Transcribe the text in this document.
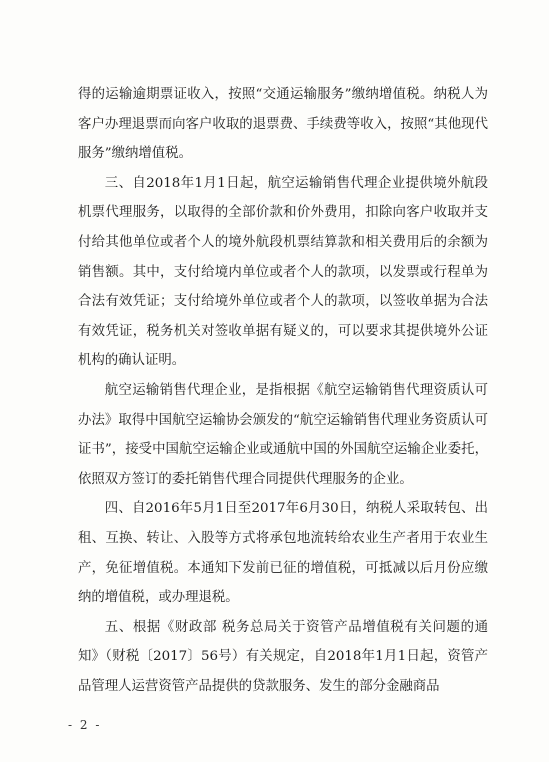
得的运输逾期票证收入，按照“交通运输服务”缴纳增值税。纳税人为客户办理退票而向客户收取的退票费、手续费等收入，按照“其他现代服务”缴纳增值税。

三、自2018年1月1日起，航空运输销售代理企业提供境外航段机票代理服务，以取得的全部价款和价外费用，扣除向客户收取并支付给其他单位或者个人的境外航段机票结算款和相关费用后的余额为销售额。其中，支付给境内单位或者个人的款项，以发票或行程单为合法有效凭证；支付给境外单位或者个人的款项，以签收单据为合法有效凭证，税务机关对签收单据有疑义的，可以要求其提供境外公证机构的确认证明。

航空运输销售代理企业，是指根据《航空运输销售代理资质认可办法》取得中国航空运输协会颁发的“航空运输销售代理业务资质认可证书”，接受中国航空运输企业或通航中国的外国航空运输企业委托，依照双方签订的委托销售代理合同提供代理服务的企业。

四、自2016年5月1日至2017年6月30日，纳税人采取转包、出租、互换、转让、入股等方式将承包地流转给农业生产者用于农业生产，免征增值税。本通知下发前已征的增值税，可抵减以后月份应缴纳的增值税，或办理退税。

五、根据《财政部 税务总局关于资管产品增值税有关问题的通知》（财税〔2017〕56号）有关规定，自2018年1月1日起，资管产品管理人运营资管产品提供的贷款服务、发生的部分金融商品

- 2 -
